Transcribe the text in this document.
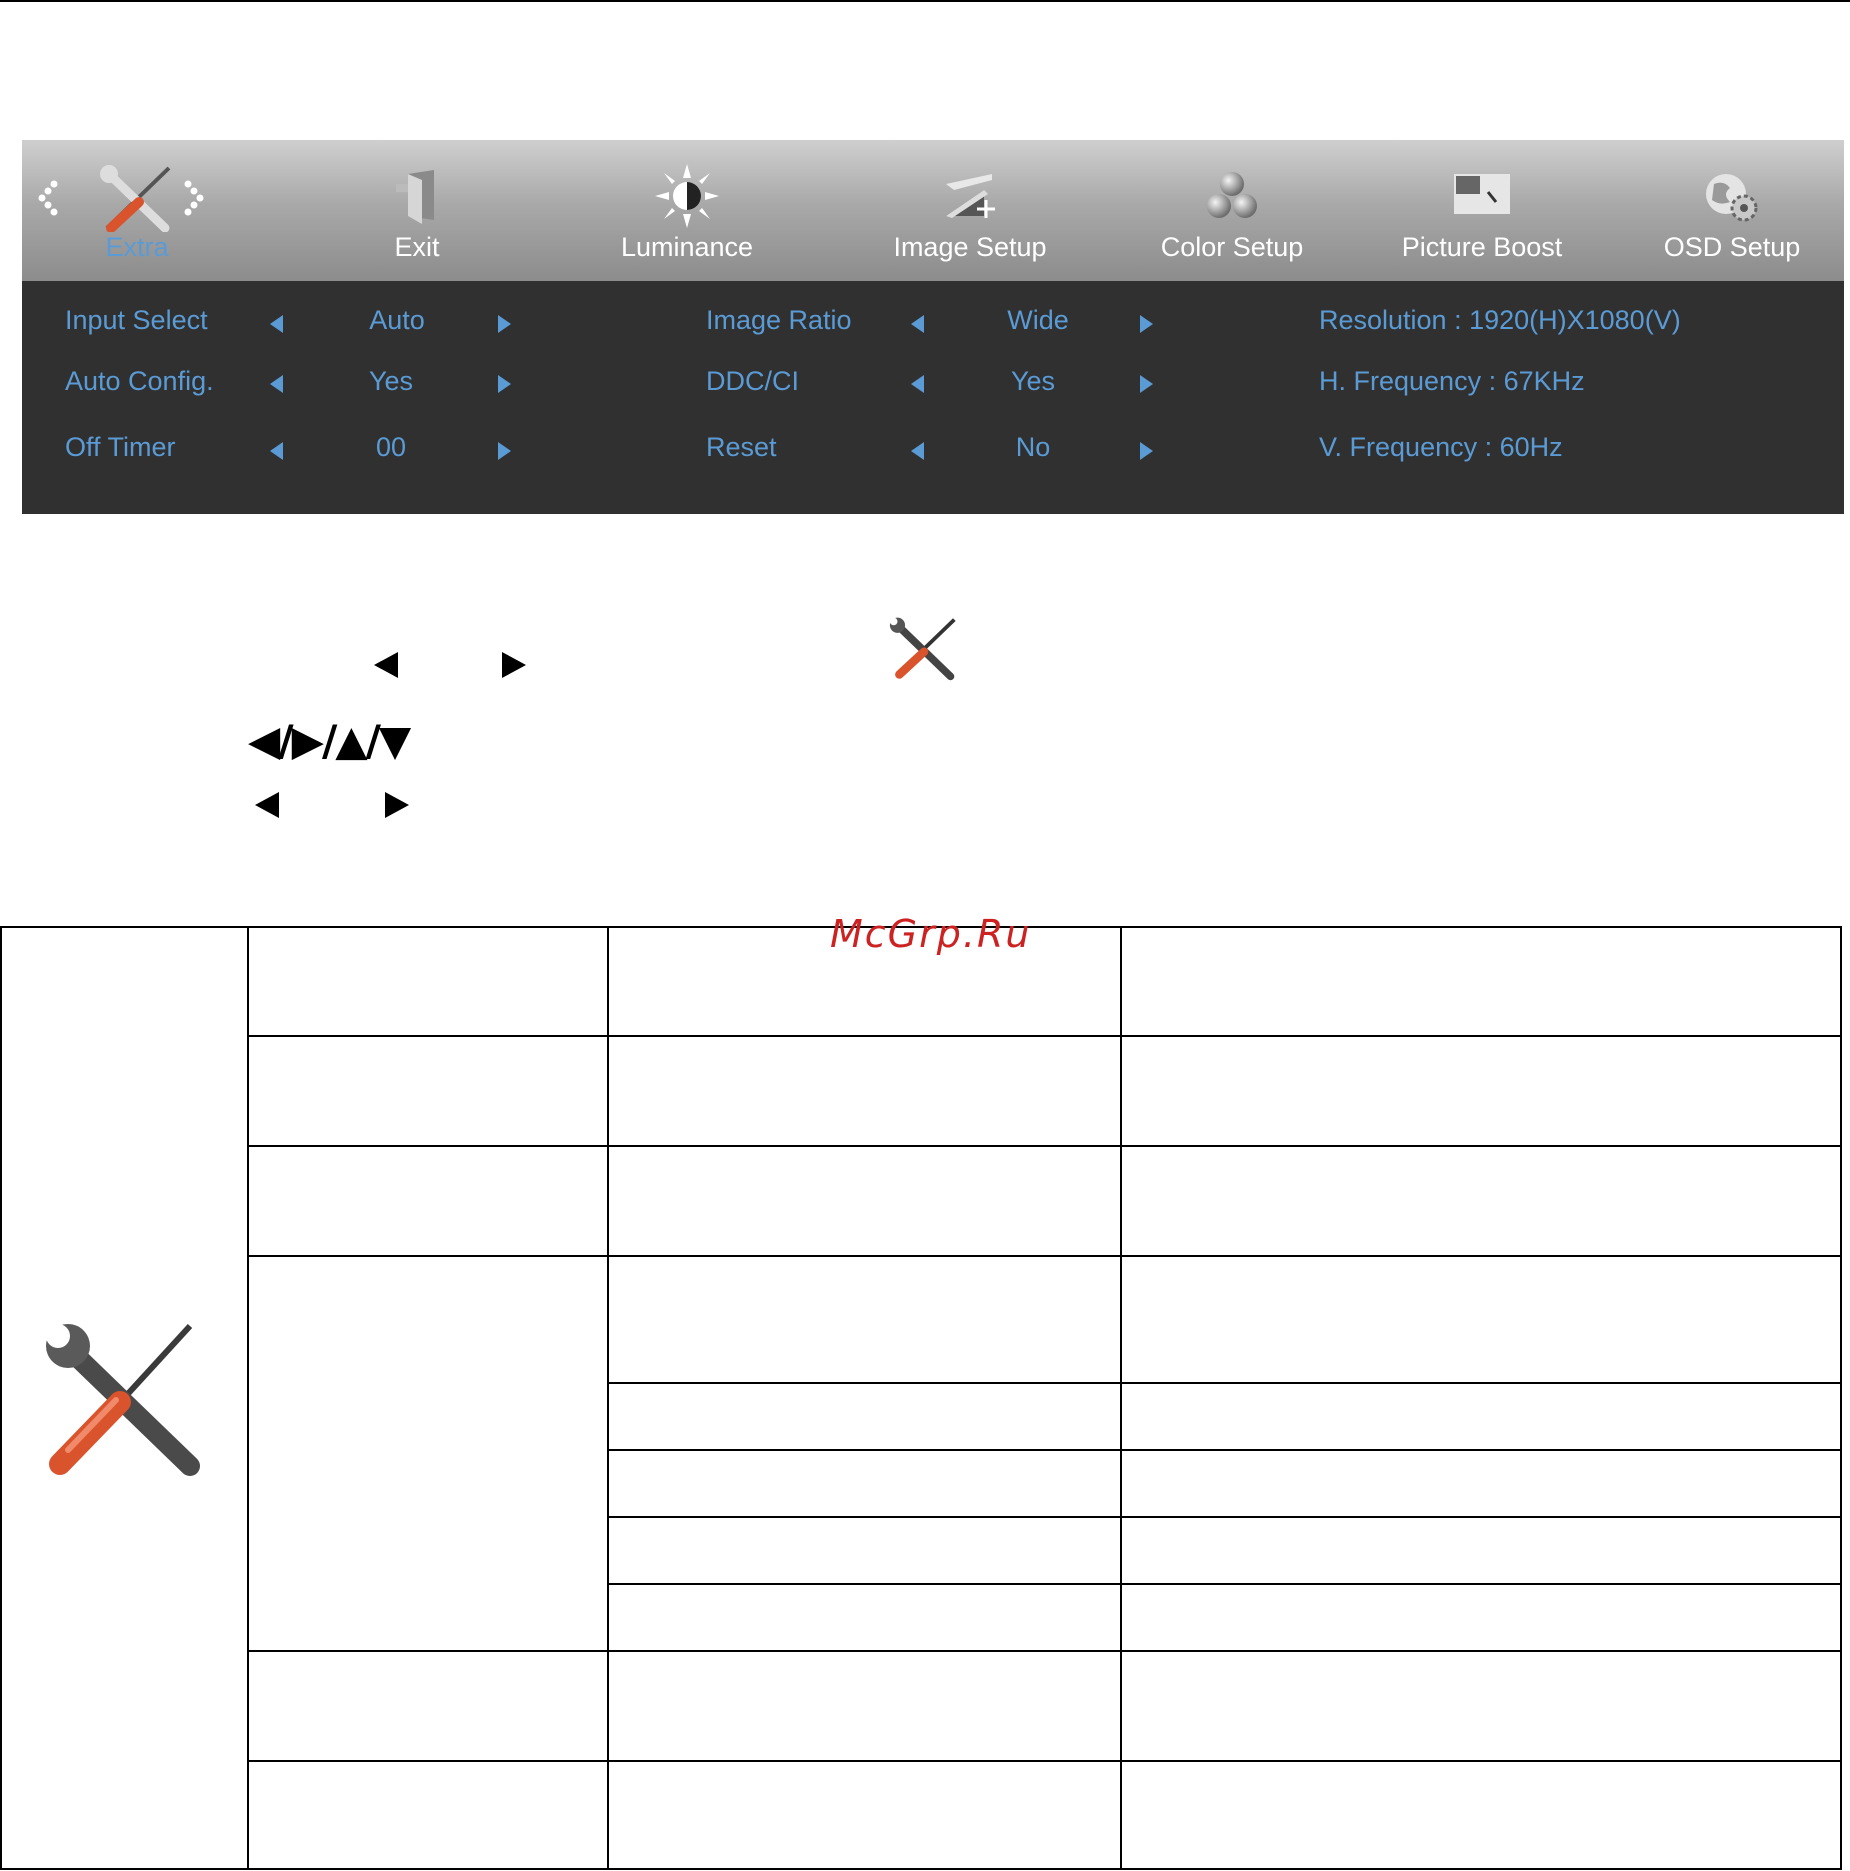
Extra	Exit	Luminance	Image Setup	Color Setup	Picture Boost	OSD Setup
Input Select	Auto
Auto Config.	Yes
Off Timer	00
Image Ratio	Wide
DDC/CI	Yes
Reset	No
Resolution : 1920(H)X1080(V)
H. Frequency : 67KHz
V. Frequency : 60Hz
◀/▶/▲/▼
McGrp.Ru
